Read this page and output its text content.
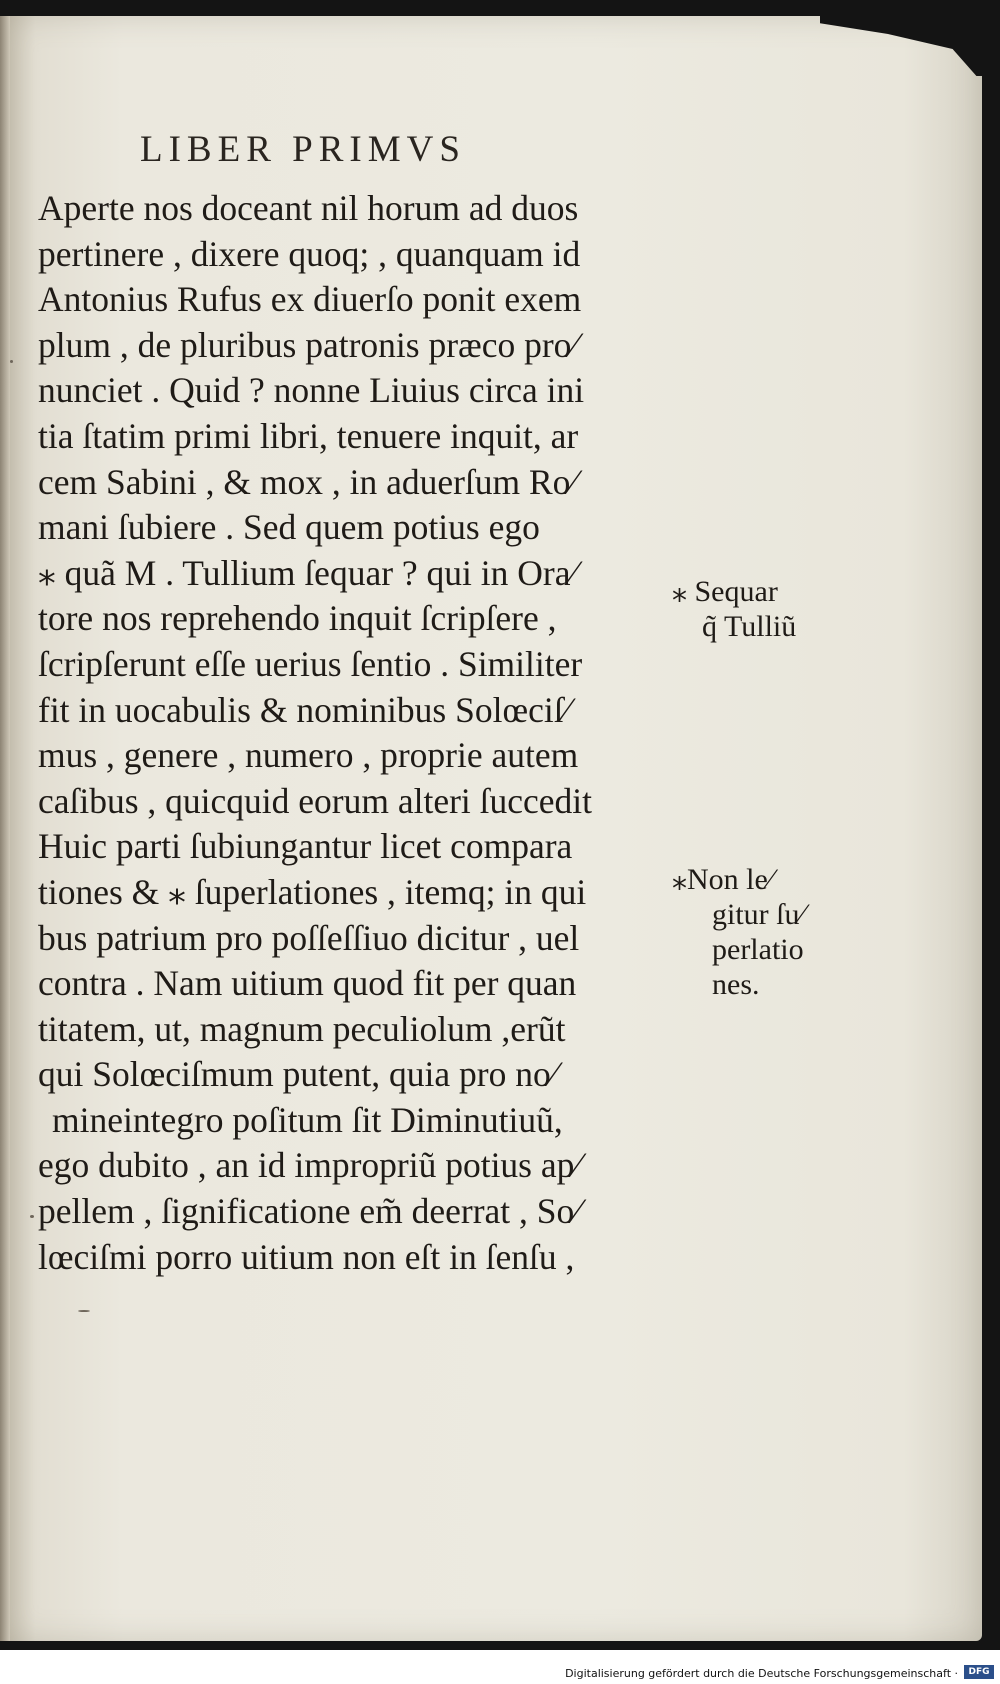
LIBER PRIMVS
Aperte nos doceant nil horum ad duos
pertinere , dixere quoq; , quanquam id
Antonius Rufus ex diuerſo ponit exem
plum , de pluribus patronis præco pro⁄
nunciet . Quid ? nonne Liuius circa ini
tia ſtatim primi libri, tenuere inquit, ar
cem Sabini , & mox , in aduerſum Ro⁄
mani ſubiere . Sed quem potius ego
⁎ quã M . Tullium ſequar ? qui in Ora⁄
tore nos reprehendo inquit ſcripſere ,
ſcripſerunt eſſe uerius ſentio . Similiter
fit in uocabulis & nominibus Solœciſ⁄
mus , genere , numero , proprie autem
caſibus , quicquid eorum alteri ſuccedit
Huic parti ſubiungantur licet compara
tiones & ⁎ ſuperlationes , itemq; in qui
bus patrium pro poſſeſſiuo dicitur , uel
contra . Nam uitium quod fit per quan
titatem, ut, magnum peculiolum ,erũt
qui Solœciſmum putent, quia pro no⁄
mineintegro poſitum ſit Diminutiuũ,
ego dubito , an id impropriũ potius ap⁄
pellem , ſignificatione em̃ deerrat , So⁄
lœciſmi porro uitium non eſt in ſenſu ,
⁎ Sequar
q̃ Tulliũ
⁎Non le⁄
gitur ſu⁄
perlatio
nes.
Digitalisierung gefördert durch die Deutsche Forschungsgemeinschaft ·	DFG
